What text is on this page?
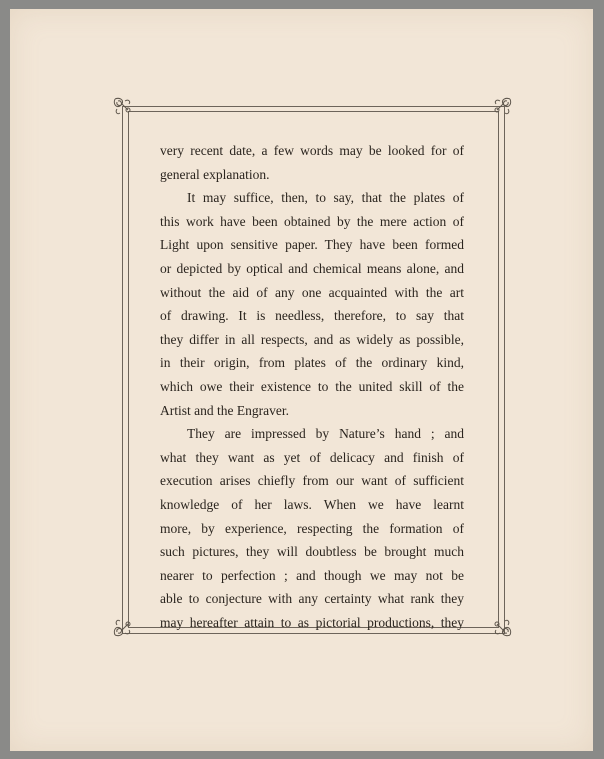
very recent date, a few words may be looked for of
general explanation.

It may suffice, then, to say, that the plates of
this work have been obtained by the mere action of
Light upon sensitive paper. They have been formed
or depicted by optical and chemical means alone, and
without the aid of any one acquainted with the art
of drawing. It is needless, therefore, to say that
they differ in all respects, and as widely as possible,
in their origin, from plates of the ordinary kind,
which owe their existence to the united skill of the
Artist and the Engraver.

They are impressed by Nature’s hand ; and
what they want as yet of delicacy and finish of
execution arises chiefly from our want of sufficient
knowledge of her laws. When we have learnt
more, by experience, respecting the formation of
such pictures, they will doubtless be brought much
nearer to perfection ; and though we may not be
able to conjecture with any certainty what rank they
may hereafter attain to as pictorial productions, they
